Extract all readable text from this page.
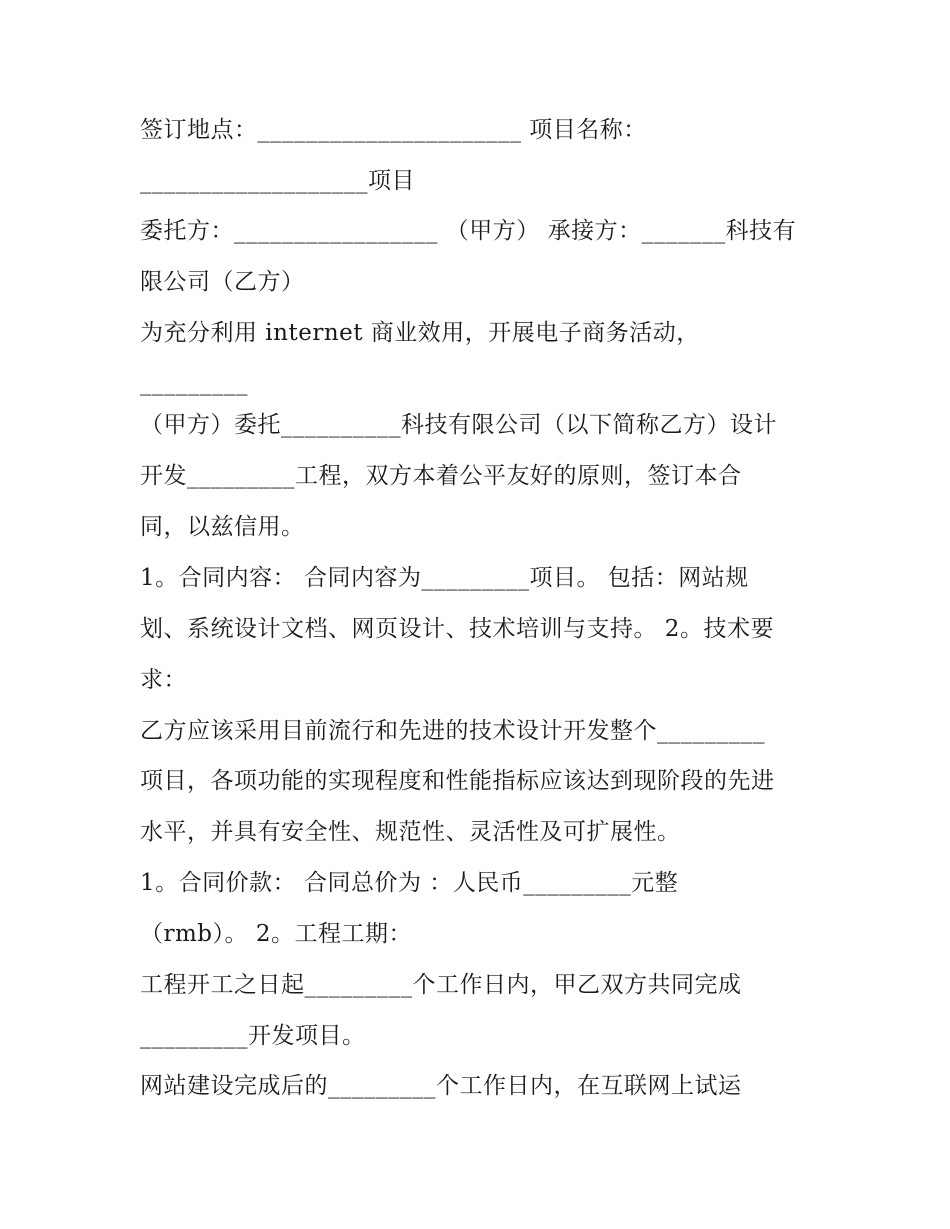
签订地点：______________________ 项目名称：
___________________项目
委托方：_________________ （甲方） 承接方：_______科技有
限公司（乙方）
为充分利用 internet 商业效用，开展电子商务活动，
_________
（甲方）委托__________科技有限公司（以下简称乙方）设计
开发_________工程，双方本着公平友好的原则，签订本合
同，以兹信用。
1。合同内容： 合同内容为_________项目。 包括：网站规
划、系统设计文档、网页设计、技术培训与支持。 2。技术要
求：
乙方应该采用目前流行和先进的技术设计开发整个_________
项目，各项功能的实现程度和性能指标应该达到现阶段的先进
水平，并具有安全性、规范性、灵活性及可扩展性。
1。合同价款： 合同总价为 ：人民币_________元整
（rmb）。 2。工程工期：
工程开工之日起_________个工作日内，甲乙双方共同完成
_________开发项目。
网站建设完成后的_________个工作日内，在互联网上试运
